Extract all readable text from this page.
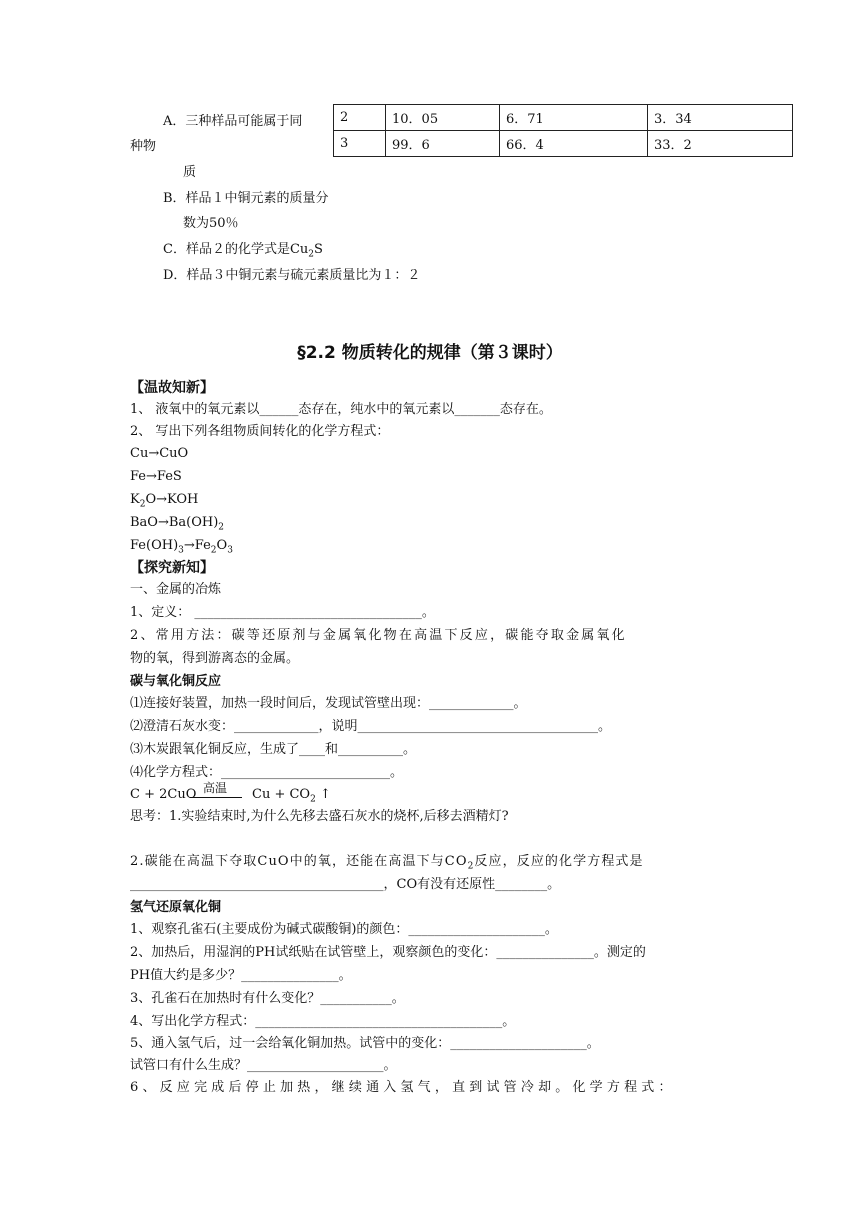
A．三种样品可能属于同
种物
质
B．样品１中铜元素的质量分
数为50％
C．样品２的化学式是$Cu_2S$
D．样品３中铜元素与硫元素质量比为１：２
2	10．05	6．71	3．34
3	99．6	66．4	33．2
§2.2 物质转化的规律（第３课时）
【温故知新】
1、 液氧中的氧元素以______态存在，纯水中的氧元素以_______态存在。
2、 写出下列各组物质间转化的化学方程式：
Cu→CuO
Fe→FeS
$K_2O\to KOH$
$BaO\to Ba(OH)_2$
$Fe(OH)_3\to Fe_2O_3$
【探究新知】
一、金属的冶炼
1、定义： ___________________________________。
2、常用方法：碳等还原剂与金属氧化物在高温下反应，碳能夺取金属氧化
物的氧，得到游离态的金属。
碳与氧化铜反应
⑴连接好装置，加热一段时间后，发现试管壁出现：_____________。
⑵澄清石灰水变：_____________，说明_____________________________________。
⑶木炭跟氧化铜反应，生成了____和__________。
⑷化学方程式：__________________________。
C + 2CuO 高温	$Cu + CO_2$ ↑
思考：1.实验结束时,为什么先移去盛石灰水的烧杯,后移去酒精灯?
2.碳能在高温下夺取CuO中的氧，还能在高温下与$CO_2$反应，反应的化学方程式是
_______________________________________，CO有没有还原性________。
氢气还原氧化铜
1、观察孔雀石(主要成份为碱式碳酸铜)的颜色：_____________________。
2、加热后，用湿润的PH试纸贴在试管壁上，观察颜色的变化：_______________。测定的
PH值大约是多少？_______________。
3、孔雀石在加热时有什么变化？___________。
4、写出化学方程式：______________________________________。
5、通入氢气后，过一会给氧化铜加热。试管中的变化：_____________________。
试管口有什么生成？_____________________。
6、反应完成后停止加热，继续通入氢气，直到试管冷却。化学方程式：
